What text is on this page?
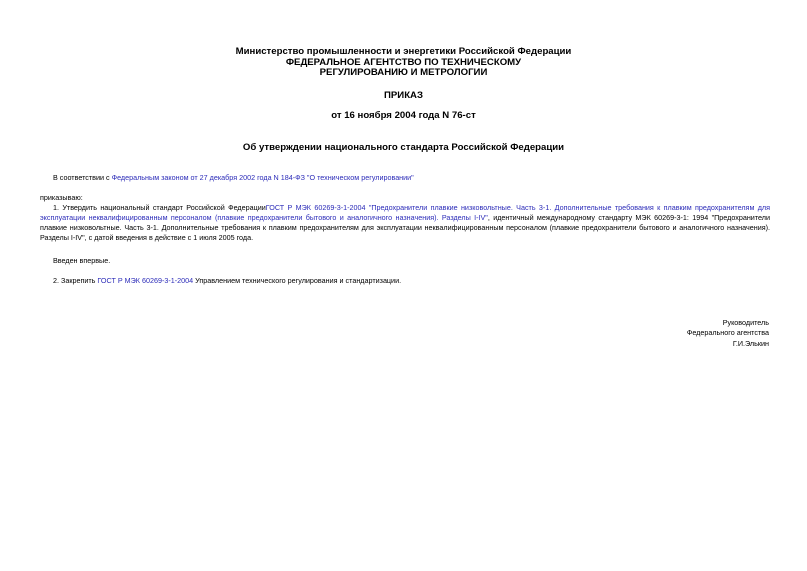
Министерство промышленности и энергетики Российской Федерации
ФЕДЕРАЛЬНОЕ АГЕНТСТВО ПО ТЕХНИЧЕСКОМУ
РЕГУЛИРОВАНИЮ И МЕТРОЛОГИИ
ПРИКАЗ
от 16 ноября 2004 года N 76-ст
Об утверждении национального стандарта Российской Федерации
В соответствии с Федеральным законом от 27 декабря 2002 года N 184-ФЗ "О техническом регулировании"
приказываю:
1. Утвердить национальный стандарт Российской ФедерацииГОСТ Р МЭК 60269-3-1-2004 "Предохранители плавкие низковольтные. Часть 3-1. Дополнительные требования к плавким предохранителям для эксплуатации неквалифицированным персоналом (плавкие предохранители бытового и аналогичного назначения). Разделы I-IV", идентичный международному стандарту МЭК 60269-3-1: 1994 "Предохранители плавкие низковольтные. Часть 3-1. Дополнительные требования к плавким предохранителям для эксплуатации неквалифицированным персоналом (плавкие предохранители бытового и аналогичного назначения). Разделы I-IV", с датой введения в действие с 1 июля 2005 года.
Введен впервые.
2. Закрепить ГОСТ Р МЭК 60269-3-1-2004 Управлением технического регулирования и стандартизации.
Руководитель
Федерального агентства
Г.И.Элькин
